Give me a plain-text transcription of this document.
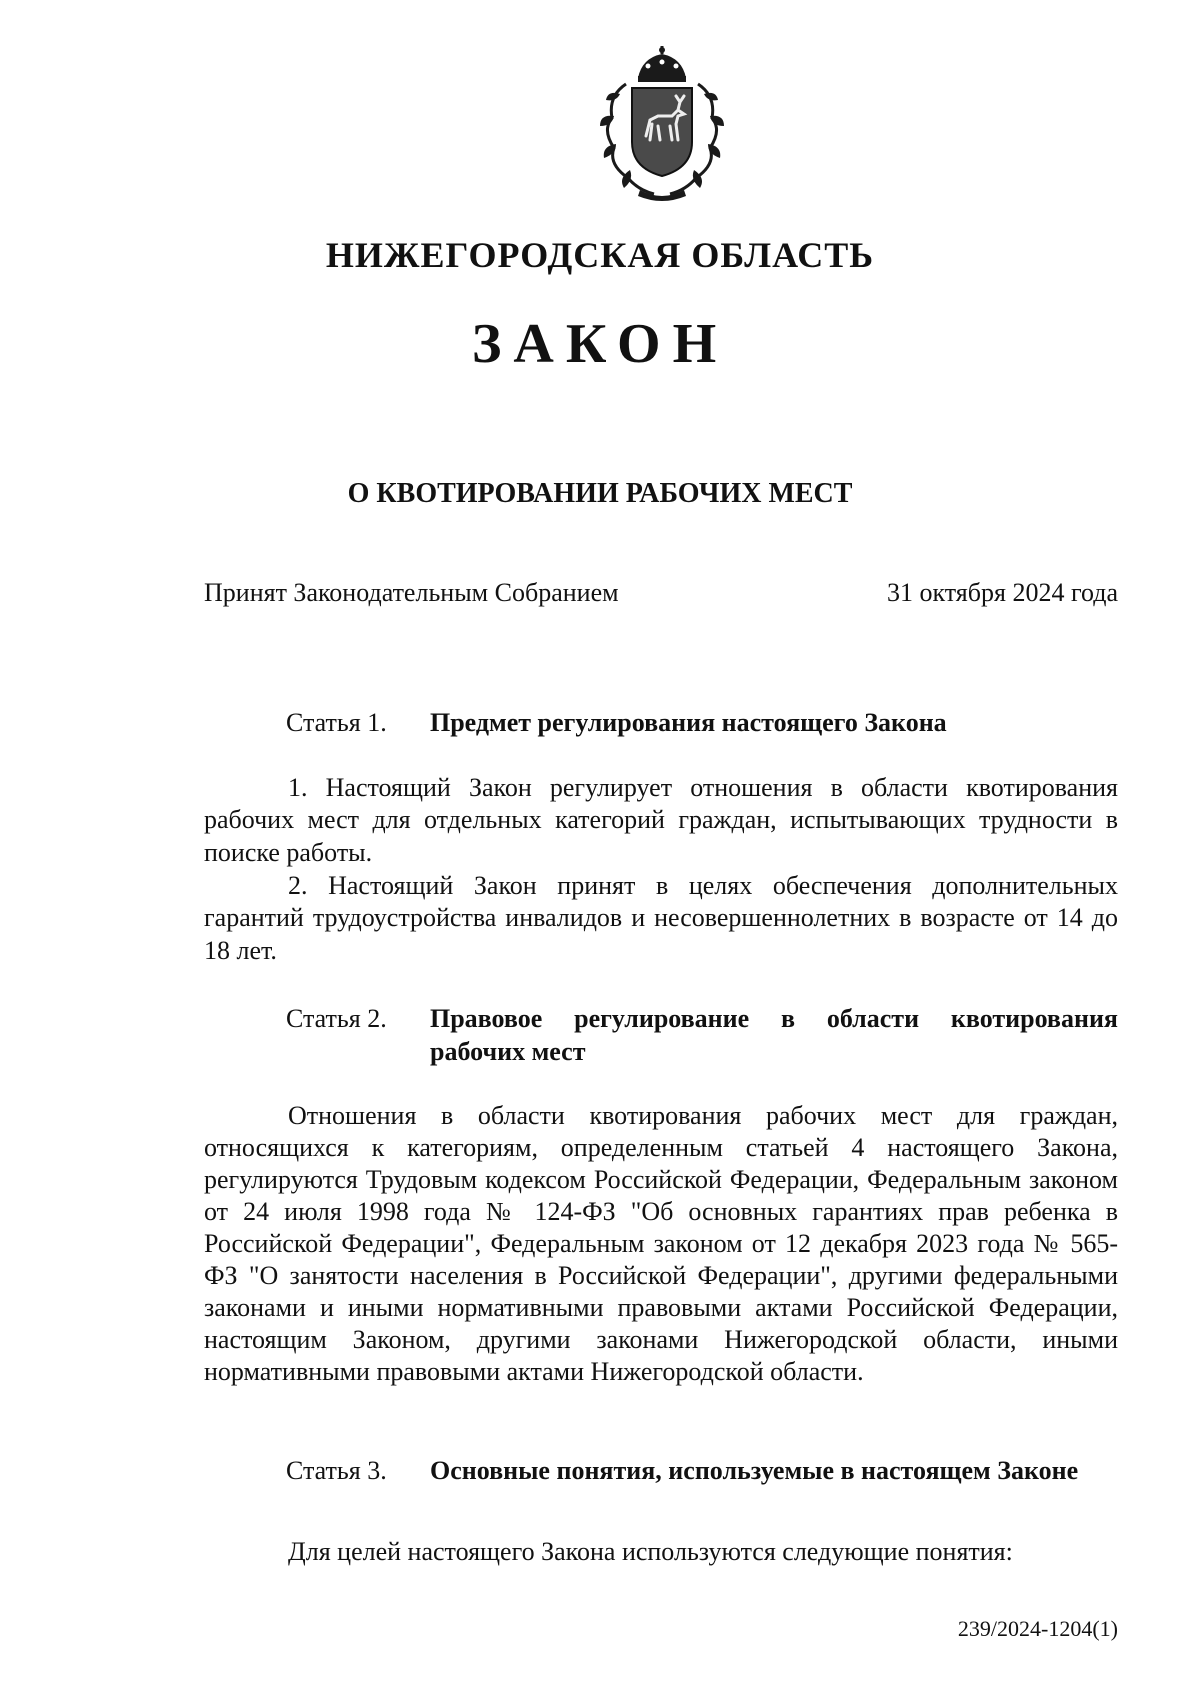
НИЖЕГОРОДСКАЯ ОБЛАСТЬ
ЗАКОН
О КВОТИРОВАНИИ РАБОЧИХ МЕСТ
Принят Законодательным Собранием	31 октября 2024 года
Статья 1. Предмет регулирования настоящего Закона

1. Настоящий Закон регулирует отношения в области квотирования рабочих мест для отдельных категорий граждан, испытывающих трудности в поиске работы.

2. Настоящий Закон принят в целях обеспечения дополнительных гарантий трудоустройства инвалидов и несовершеннолетних в возрасте от 14 до 18 лет.

Статья 2. Правовое регулирование в области квотирования рабочих мест

Отношения в области квотирования рабочих мест для граждан, относящихся к категориям, определенным статьей 4 настоящего Закона, регулируются Трудовым кодексом Российской Федерации, Федеральным законом от 24 июля 1998 года № 124-ФЗ "Об основных гарантиях прав ребенка в Российской Федерации", Федеральным законом от 12 декабря 2023 года № 565-ФЗ "О занятости населения в Российской Федерации", другими федеральными законами и иными нормативными правовыми актами Российской Федерации, настоящим Законом, другими законами Нижегородской области, иными нормативными правовыми актами Нижегородской области.

Статья 3. Основные понятия, используемые в настоящем Законе

Для целей настоящего Закона используются следующие понятия:

239/2024-1204(1)
